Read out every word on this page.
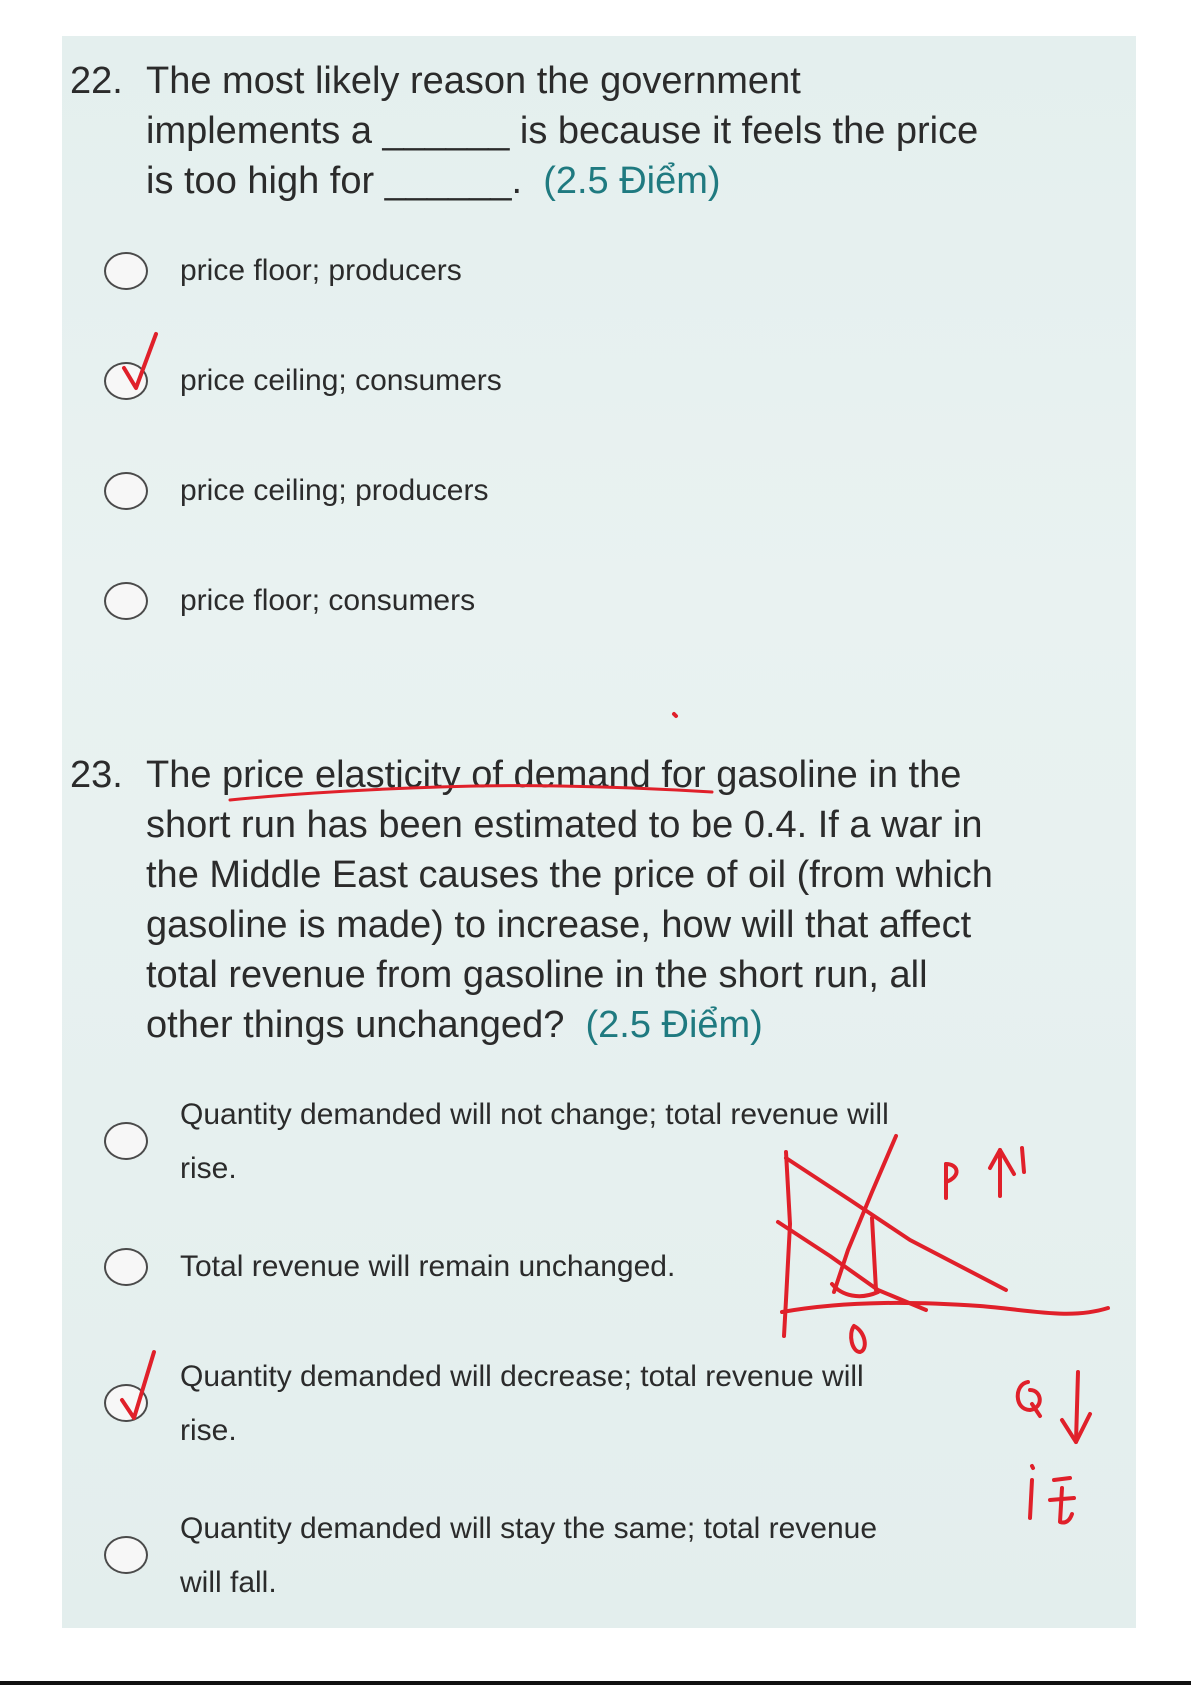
22. The most likely reason the government
implements a ______ is because it feels the price
is too high for ______. (2.5 Điểm)
price floor; producers
price ceiling; consumers
price ceiling; producers
price floor; consumers
23. The price elasticity of demand for gasoline in the
short run has been estimated to be 0.4. If a war in
the Middle East causes the price of oil (from which
gasoline is made) to increase, how will that affect
total revenue from gasoline in the short run, all
other things unchanged? (2.5 Điểm)
Quantity demanded will not change; total revenue will
rise.
Total revenue will remain unchanged.
Quantity demanded will decrease; total revenue will
rise.
Quantity demanded will stay the same; total revenue
will fall.
